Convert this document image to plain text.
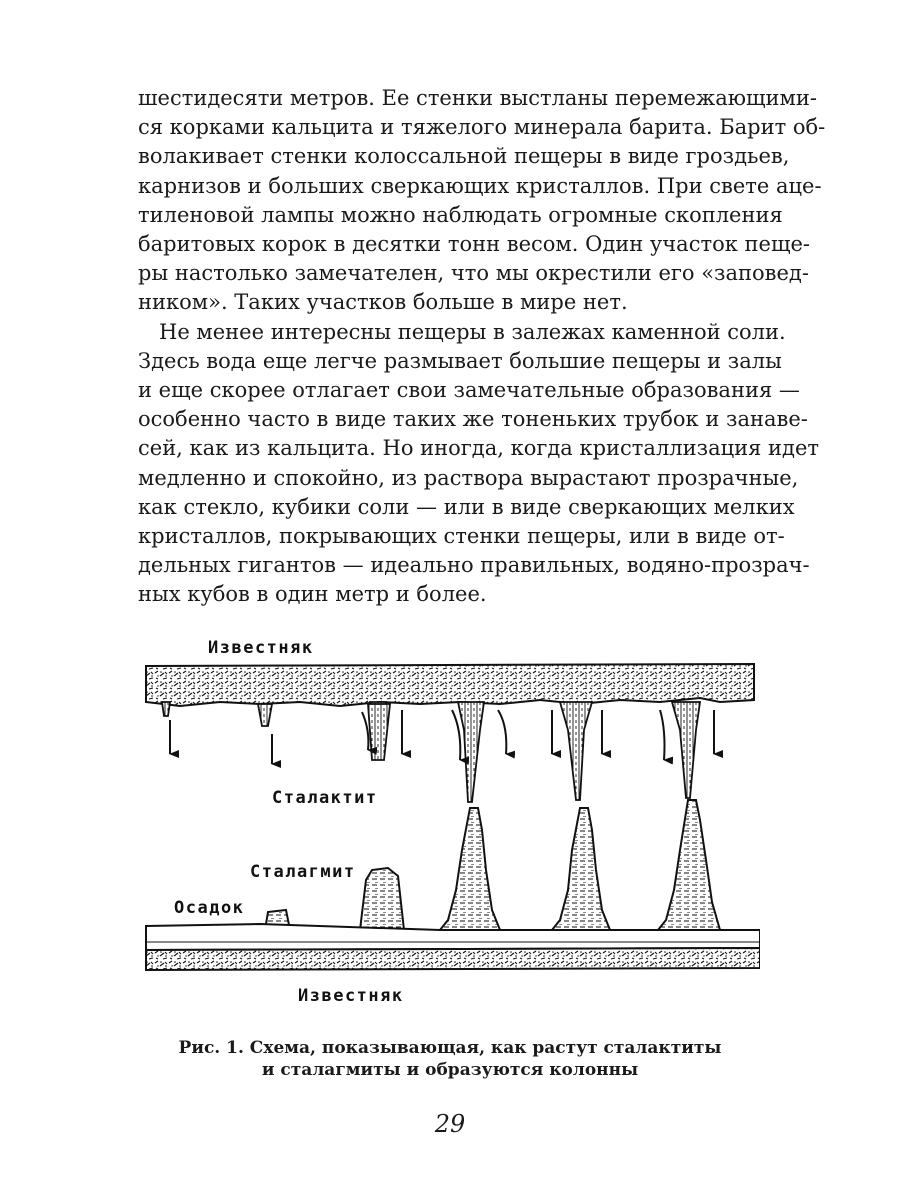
шестидесяти метров. Ее стенки выстланы перемежающими-
ся корками кальцита и тяжелого минерала барита. Барит об-
волакивает стенки колоссальной пещеры в виде гроздьев,
карнизов и больших сверкающих кристаллов. При свете аце-
тиленовой лампы можно наблюдать огромные скопления
баритовых корок в десятки тонн весом. Один участок пеще-
ры настолько замечателен, что мы окрестили его «заповед-
ником». Таких участков больше в мире нет.
Не менее интересны пещеры в залежах каменной соли.
Здесь вода еще легче размывает большие пещеры и залы
и еще скорее отлагает свои замечательные образования —
особенно часто в виде таких же тоненьких трубок и занаве-
сей, как из кальцита. Но иногда, когда кристаллизация идет
медленно и спокойно, из раствора вырастают прозрачные,
как стекло, кубики соли — или в виде сверкающих мелких
кристаллов, покрывающих стенки пещеры, или в виде от-
дельных гигантов — идеально правильных, водяно-прозрач-
ных кубов в один метр и более.
Известняк
Сталактит
Сталагмит
Осадок
Известняк
Рис. 1. Схема, показывающая, как растут сталактиты
и сталагмиты и образуются колонны
29
